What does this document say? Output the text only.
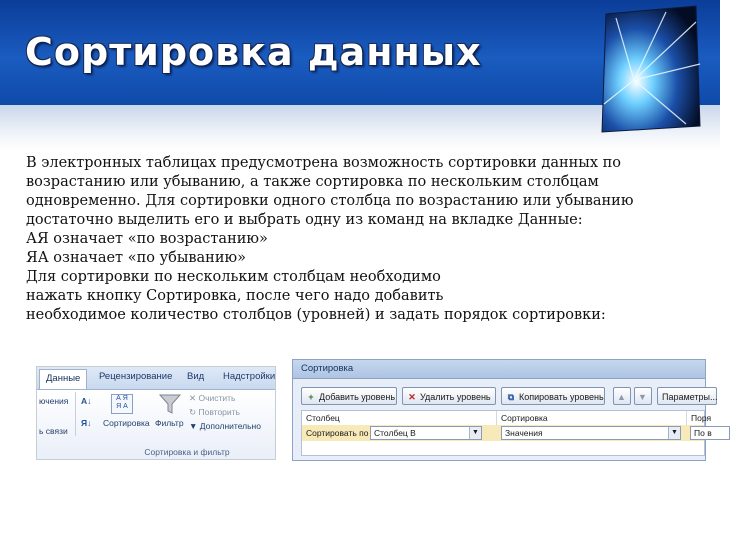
Сортировка данных

В электронных таблицах предусмотрена возможность сортировки данных по

возрастанию или убыванию, а также сортировка по нескольким столбцам

одновременно. Для сортировки одного столбца по возрастанию или убыванию

достаточно выделить его и выбрать одну из команд на вкладке Данные:

АЯ означает «по возрастанию»

ЯА означает «по убыванию»

Для сортировки по нескольким столбцам необходимо

нажать кнопку Сортировка, после чего надо добавить

необходимое количество столбцов (уровней) и задать порядок сортировки:

Данные	Рецензирование Вид Надстройки
ючения
ь связи
А↓
Я↓
А Я
Я А
Сортировка Фильтр
✕ Очистить
↻ Повторить
▼ Дополнительно
Сортировка и фильтр
Сортировка
+ Добавить уровень	✕ Удалить уровень	⧉ Копировать уровень	▲	▼	Параметры...
Столбец	Сортировка	Поря
Сортировать по Столбец B	▼	Значения	▼	По в
